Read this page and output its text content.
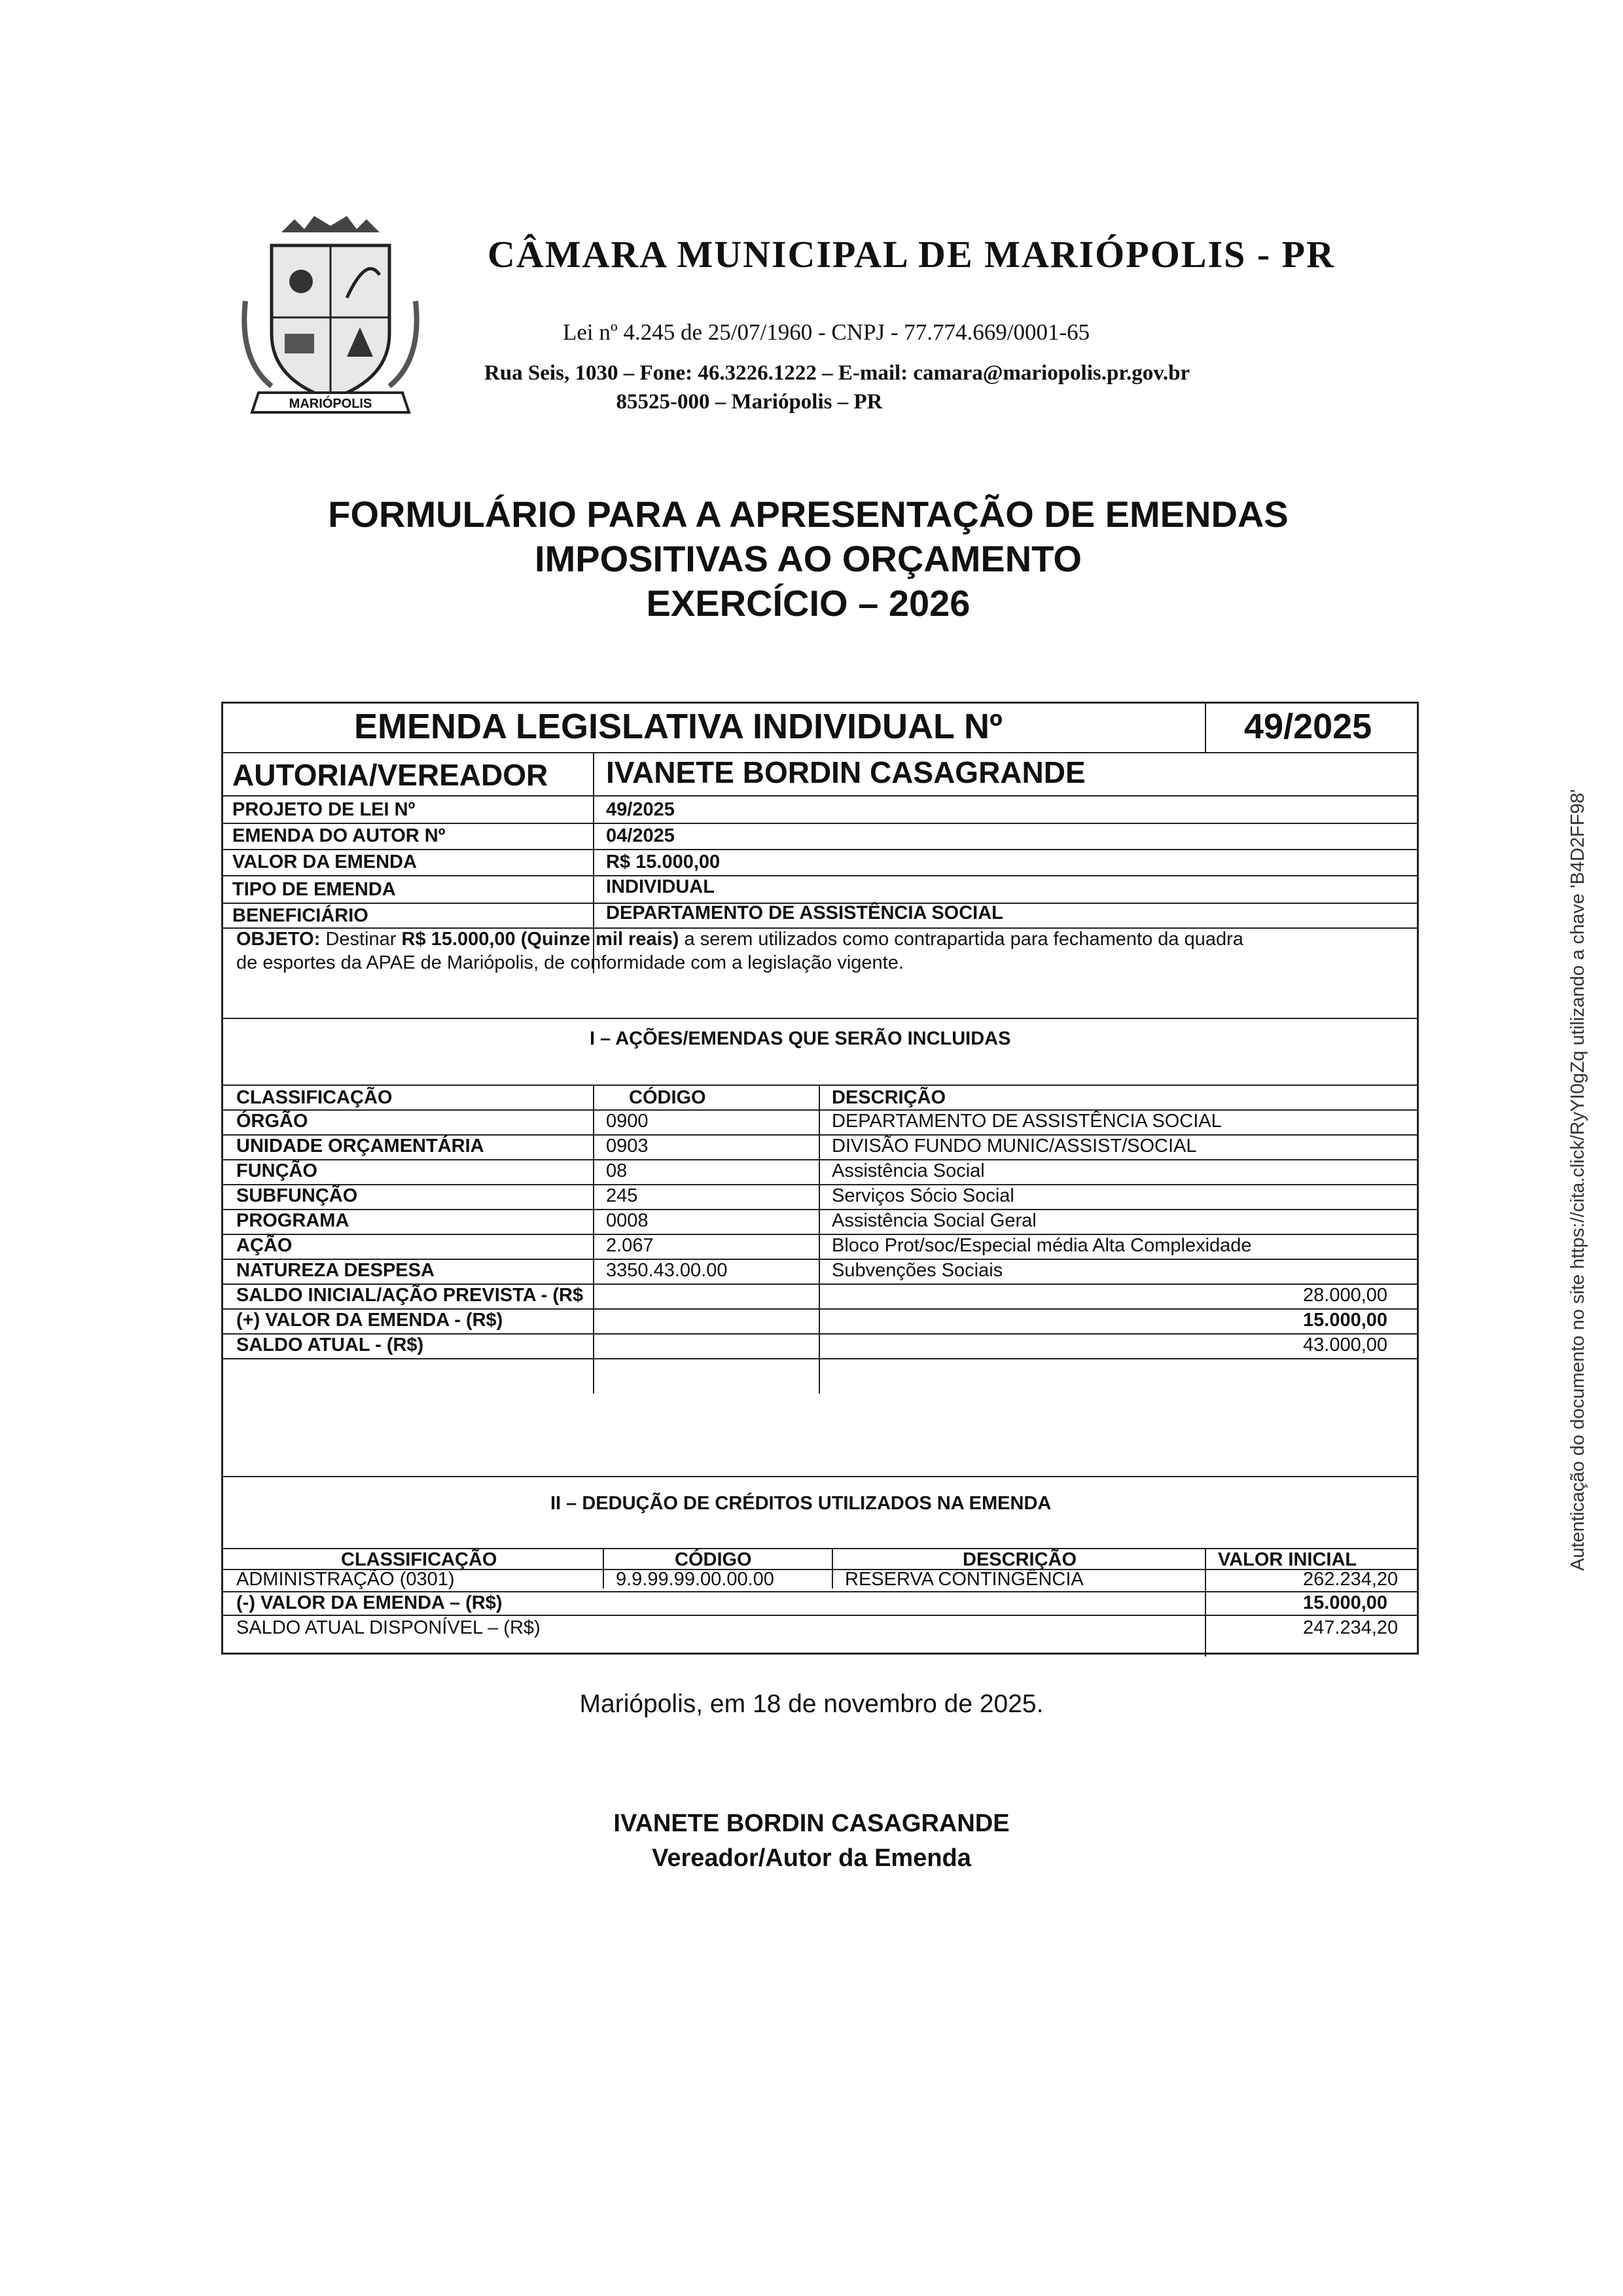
MARIÓPOLIS
CÂMARA MUNICIPAL DE MARIÓPOLIS - PR
Lei nº 4.245 de 25/07/1960 - CNPJ - 77.774.669/0001-65
Rua Seis, 1030 – Fone: 46.3226.1222 – E-mail: camara@mariopolis.pr.gov.br
85525-000 – Mariópolis – PR
FORMULÁRIO PARA A APRESENTAÇÃO DE EMENDAS
IMPOSITIVAS AO ORÇAMENTO
EXERCÍCIO – 2026
Autenticação do documento no site https://cita.click/RyYI0gZq utilizando a chave 'B4D2FF98'
EMENDA LEGISLATIVA INDIVIDUAL Nº	49/2025
AUTORIA/VEREADOR IVANETE BORDIN CASAGRANDE
PROJETO DE LEI Nº	49/2025
EMENDA DO AUTOR Nº	04/2025
VALOR DA EMENDA	R$ 15.000,00
TIPO DE EMENDA	INDIVIDUAL
BENEFICIÁRIO	DEPARTAMENTO DE ASSISTÊNCIA SOCIAL
OBJETO: Destinar R$ 15.000,00 (Quinze mil reais) a serem utilizados como contrapartida para fechamento da quadra
de esportes da APAE de Mariópolis, de conformidade com a legislação vigente.
I – AÇÕES/EMENDAS QUE SERÃO INCLUIDAS
CLASSIFICAÇÃO	CÓDIGO	DESCRIÇÃO
ÓRGÃO	0900	DEPARTAMENTO DE ASSISTÊNCIA SOCIAL
UNIDADE ORÇAMENTÁRIA	0903	DIVISÃO FUNDO MUNIC/ASSIST/SOCIAL
FUNÇÃO	08	Assistência Social
SUBFUNÇÃO	245	Serviços Sócio Social
PROGRAMA	0008	Assistência Social Geral
AÇÃO	2.067	Bloco Prot/soc/Especial média Alta Complexidade
NATUREZA DESPESA	3350.43.00.00	Subvenções Sociais
SALDO INICIAL/AÇÃO PREVISTA - (R$	28.000,00
(+) VALOR DA EMENDA - (R$)	15.000,00
SALDO ATUAL - (R$)	43.000,00
II – DEDUÇÃO DE CRÉDITOS UTILIZADOS NA EMENDA
CLASSIFICAÇÃO	CÓDIGO	DESCRIÇÃO	VALOR INICIAL
ADMINISTRAÇÃO (0301)	9.9.99.99.00.00.00	RESERVA CONTINGÊNCIA	262.234,20
(-) VALOR DA EMENDA – (R$)	15.000,00
SALDO ATUAL DISPONÍVEL – (R$)	247.234,20
Mariópolis, em 18 de novembro de 2025.
IVANETE BORDIN CASAGRANDE
Vereador/Autor da Emenda
